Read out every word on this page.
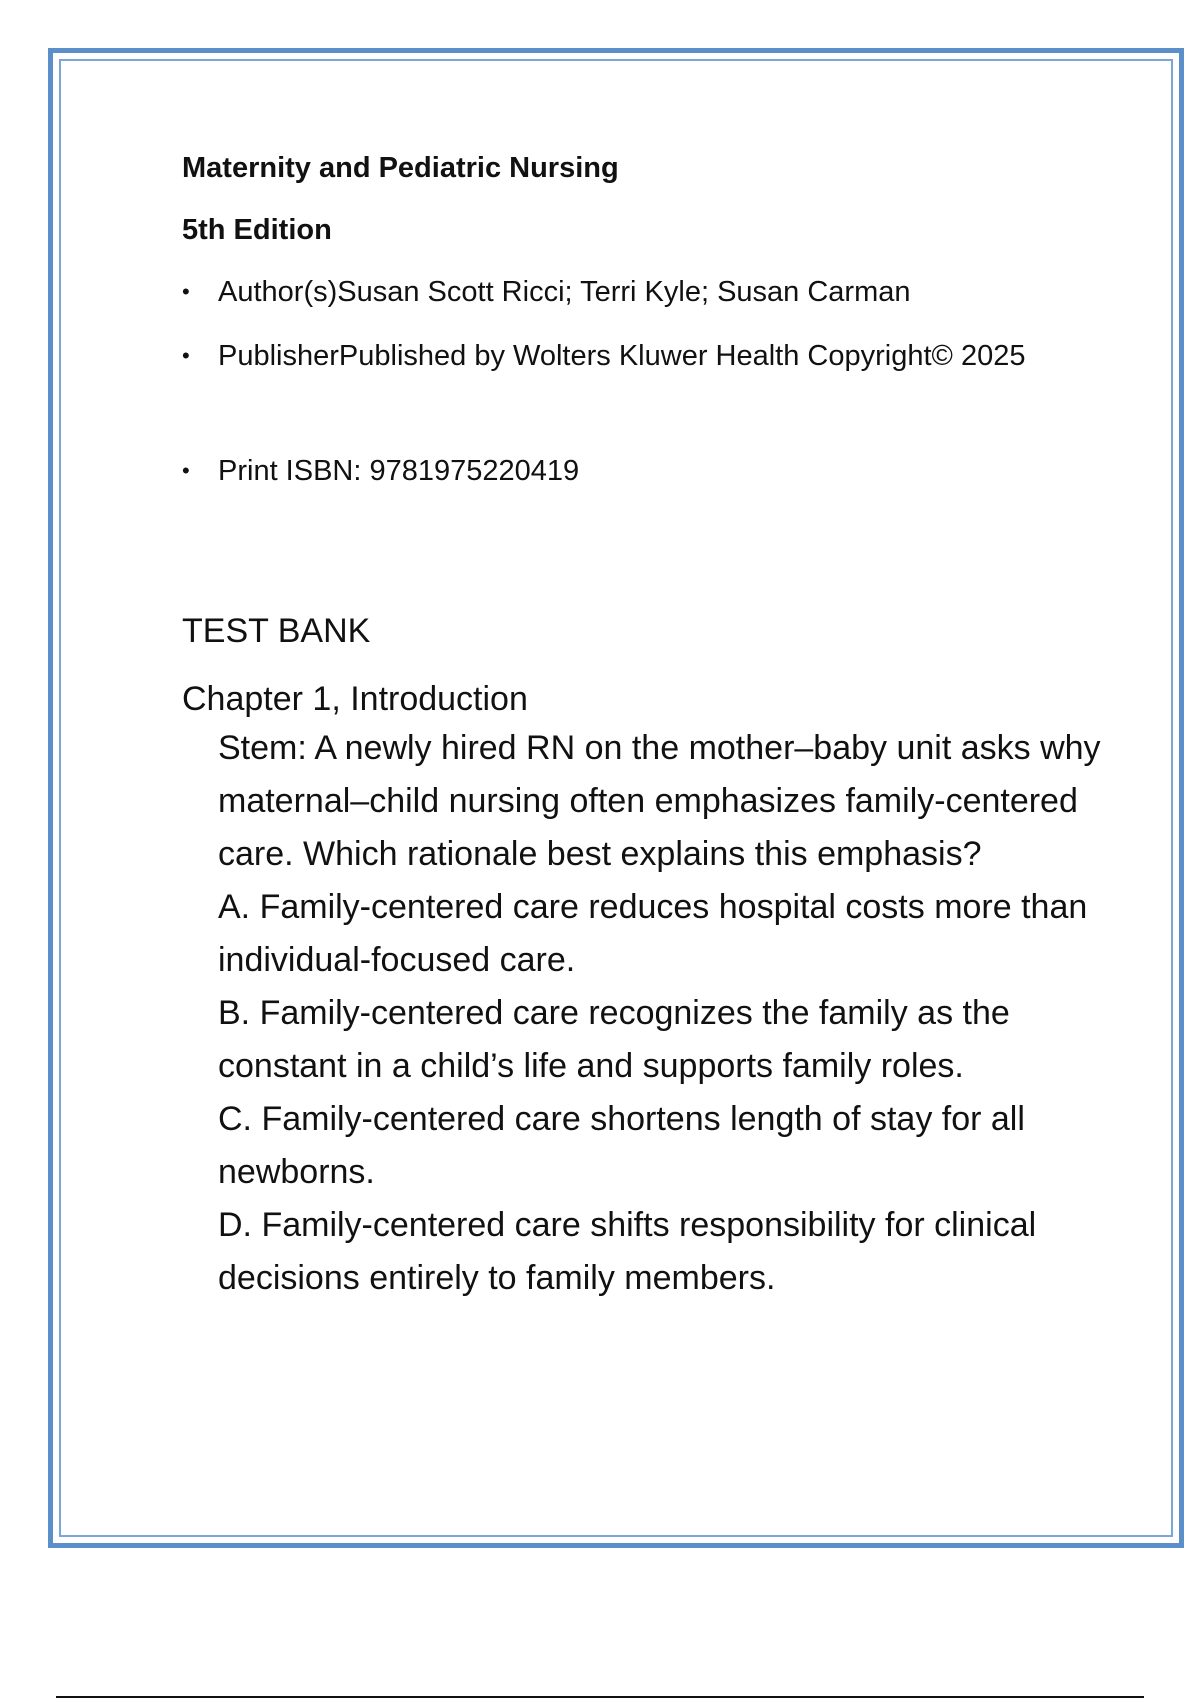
Maternity and Pediatric Nursing
5th Edition
• Author(s)Susan Scott Ricci; Terri Kyle; Susan Carman
• PublisherPublished by Wolters Kluwer Health Copyright© 2025
• Print ISBN: 9781975220419
TEST BANK
Chapter 1, Introduction

Stem: A newly hired RN on the mother–baby unit asks why maternal–child nursing often emphasizes family-centered care. Which rationale best explains this emphasis?

A. Family-centered care reduces hospital costs more than individual-focused care.

B. Family-centered care recognizes the family as the constant in a child’s life and supports family roles.

C. Family-centered care shortens length of stay for all newborns.

D. Family-centered care shifts responsibility for clinical decisions entirely to family members.
